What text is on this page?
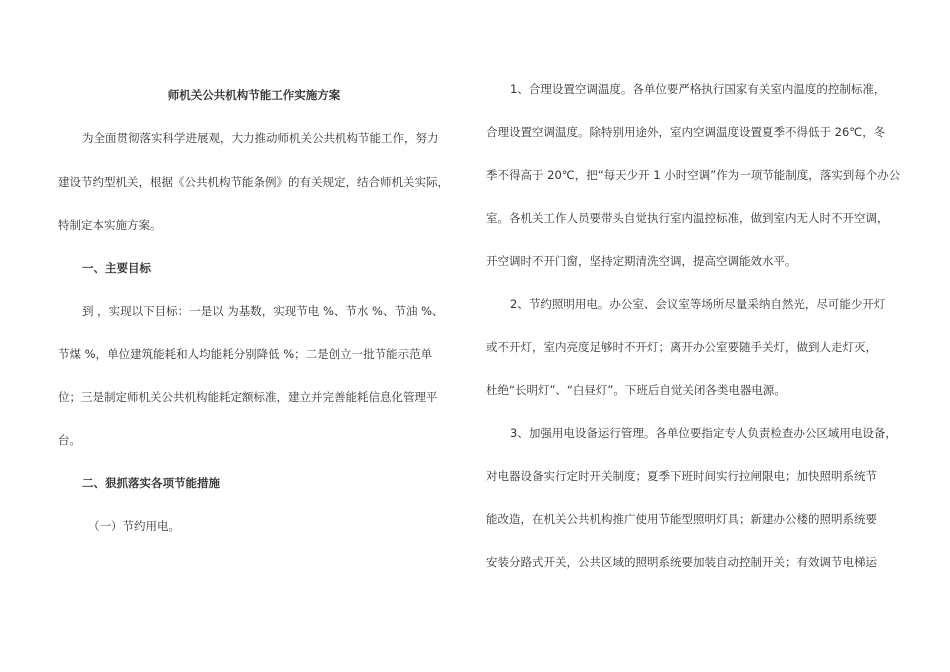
师机关公共机构节能工作实施方案
为全面贯彻落实科学进展观，大力推动师机关公共机构节能工作，努力
建设节约型机关，根据《公共机构节能条例》的有关规定，结合师机关实际，
特制定本实施方案。
一、主要目标
到 ，实现以下目标：一是以 为基数，实现节电 %、节水 %、节油 %、
节煤 %，单位建筑能耗和人均能耗分别降低 %；二是创立一批节能示范单
位；三是制定师机关公共机构能耗定额标准，建立并完善能耗信息化管理平
台。
二、狠抓落实各项节能措施
（一）节约用电。
1、合理设置空调温度。各单位要严格执行国家有关室内温度的控制标准，
合理设置空调温度。除特别用途外，室内空调温度设置夏季不得低于 26℃，冬
季不得高于 20℃，把“每天少开 1 小时空调”作为一项节能制度，落实到每个办公
室。各机关工作人员要带头自觉执行室内温控标准，做到室内无人时不开空调，
开空调时不开门窗，坚持定期清洗空调，提高空调能效水平。
2、节约照明用电。办公室、会议室等场所尽量采纳自然光，尽可能少开灯
或不开灯，室内亮度足够时不开灯；离开办公室要随手关灯，做到人走灯灭，
杜绝“长明灯”、“白昼灯”。下班后自觉关闭各类电器电源。
3、加强用电设备运行管理。各单位要指定专人负责检查办公区域用电设备，
对电器设备实行定时开关制度；夏季下班时间实行拉闸限电；加快照明系统节
能改造，在机关公共机构推广使用节能型照明灯具；新建办公楼的照明系统要
安装分路式开关，公共区域的照明系统要加装自动控制开关；有效调节电梯运
